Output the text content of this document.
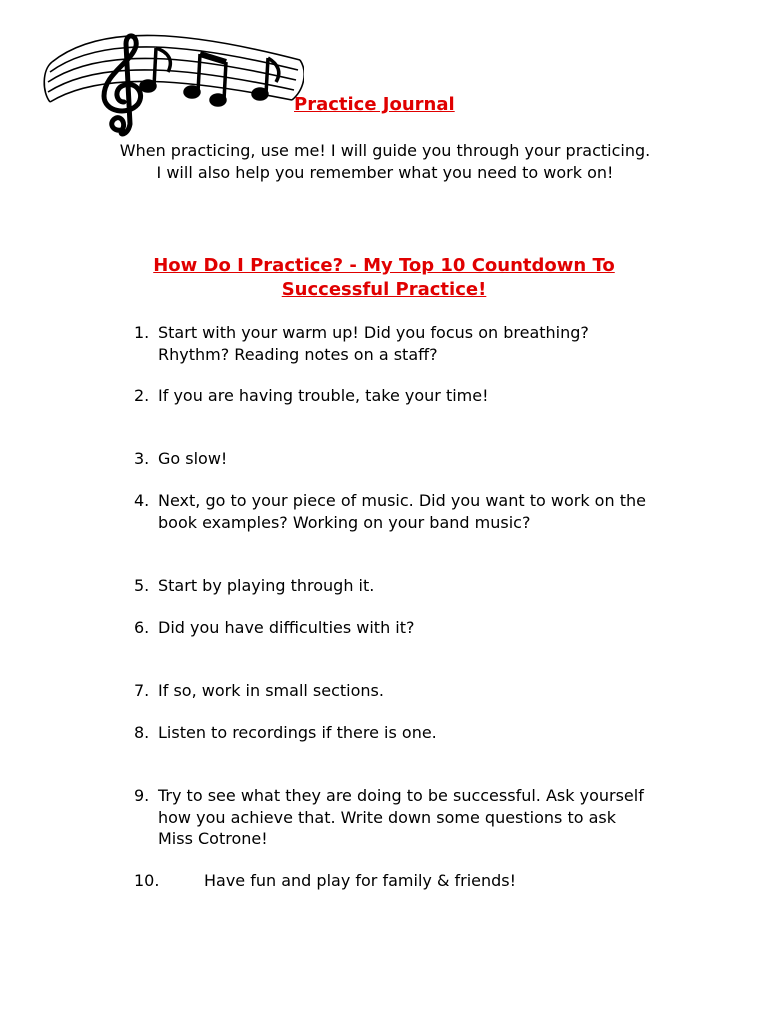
Practice Journal

When practicing, use me! I will guide you through your practicing. I will also help you remember what you need to work on!

How Do I Practice? - My Top 10 Countdown To Successful Practice!
1. Start with your warm up! Did you focus on breathing? Rhythm? Reading notes on a staff?
2. If you are having trouble, take your time!
3. Go slow!
4. Next, go to your piece of music. Did you want to work on the book examples? Working on your band music?
5. Start by playing through it.
6. Did you have difficulties with it?
7. If so, work in small sections.
8. Listen to recordings if there is one.
9. Try to see what they are doing to be successful. Ask yourself how you achieve that. Write down some questions to ask Miss Cotrone!
10.	Have fun and play for family & friends!
